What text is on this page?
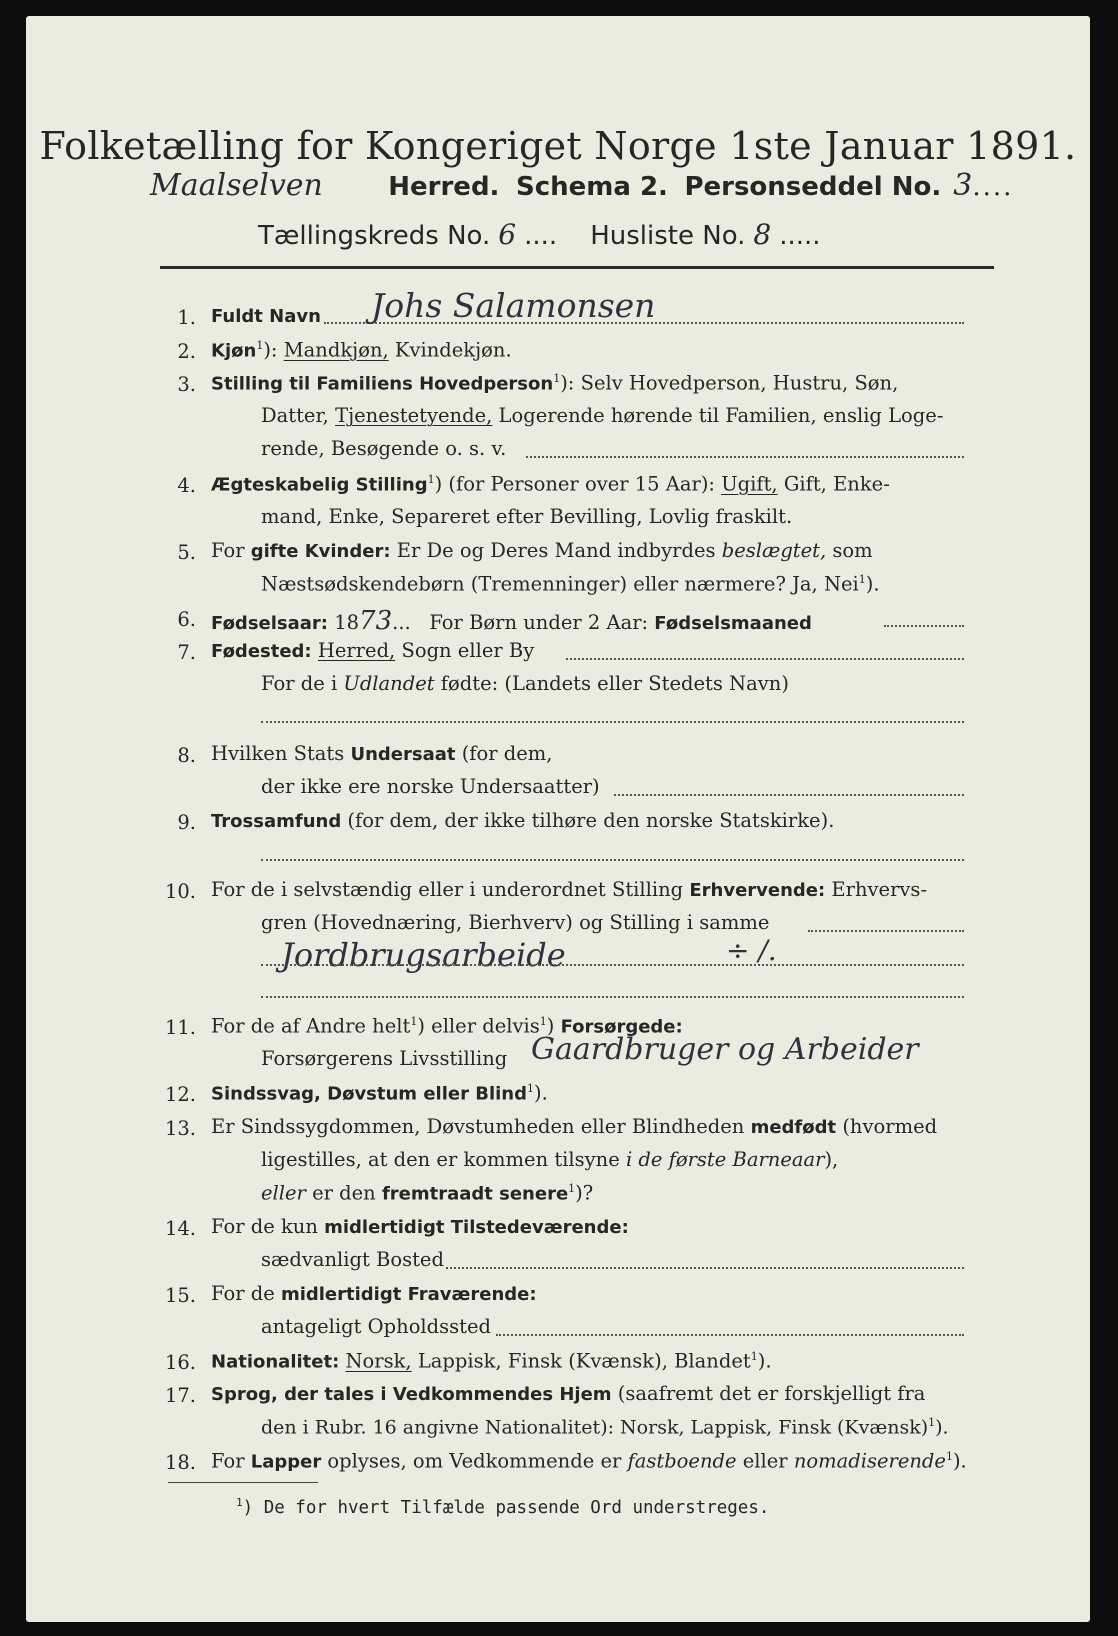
Folketælling for Kongeriget Norge 1ste Januar 1891.
Maalselven	Herred. Schema 2. Personseddel No. 3....
Tællingskreds No. 6 .... Husliste No. 8 .....
1. Fuldt Navn Johs Salamonsen
2. Kjøn$^1$): Mandkjøn, Kvindekjøn.
3. Stilling til Familiens Hovedperson$^1$): Selv Hovedperson, Hustru, Søn,
Datter, Tjenestetyende, Logerende hørende til Familien, enslig Loge-
rende, Besøgende o. s. v.
4. Ægteskabelig Stilling$^1$) (for Personer over 15 Aar): Ugift, Gift, Enke-
mand, Enke, Separeret efter Bevilling, Lovlig fraskilt.
5. For gifte Kvinder: Er De og Deres Mand indbyrdes beslægtet, som
Næstsødskendebørn (Tremenninger) eller nærmere? Ja, Nei$^1$).
6. Fødselsaar: 1873... For Børn under 2 Aar: Fødselsmaaned
7. Fødested: Herred, Sogn eller By
For de i Udlandet fødte: (Landets eller Stedets Navn)
8. Hvilken Stats Undersaat (for dem,
der ikke ere norske Undersaatter)
9. Trossamfund (for dem, der ikke tilhøre den norske Statskirke).
10. For de i selvstændig eller i underordnet Stilling Erhvervende: Erhvervs-
gren (Hovednæring, Bierhverv) og Stilling i samme
Jordbrugsarbeide	÷ /.
11. For de af Andre helt$^1$) eller delvis$^1$) Forsørgede:
Forsørgerens Livsstilling Gaardbruger og Arbeider
12. Sindssvag, Døvstum eller Blind$^1$).
13. Er Sindssygdommen, Døvstumheden eller Blindheden medfødt (hvormed
ligestilles, at den er kommen tilsyne i de første Barneaar),
eller er den fremtraadt senere$^1$)?
14. For de kun midlertidigt Tilstedeværende:
sædvanligt Bosted
15. For de midlertidigt Fraværende:
antageligt Opholdssted
16. Nationalitet: Norsk, Lappisk, Finsk (Kvænsk), Blandet$^1$).
17. Sprog, der tales i Vedkommendes Hjem (saafremt det er forskjelligt fra
den i Rubr. 16 angivne Nationalitet): Norsk, Lappisk, Finsk (Kvænsk)$^1$).
18. For Lapper oplyses, om Vedkommende er fastboende eller nomadiserende$^1$).
$^1$) De for hvert Tilfælde passende Ord understreges.
